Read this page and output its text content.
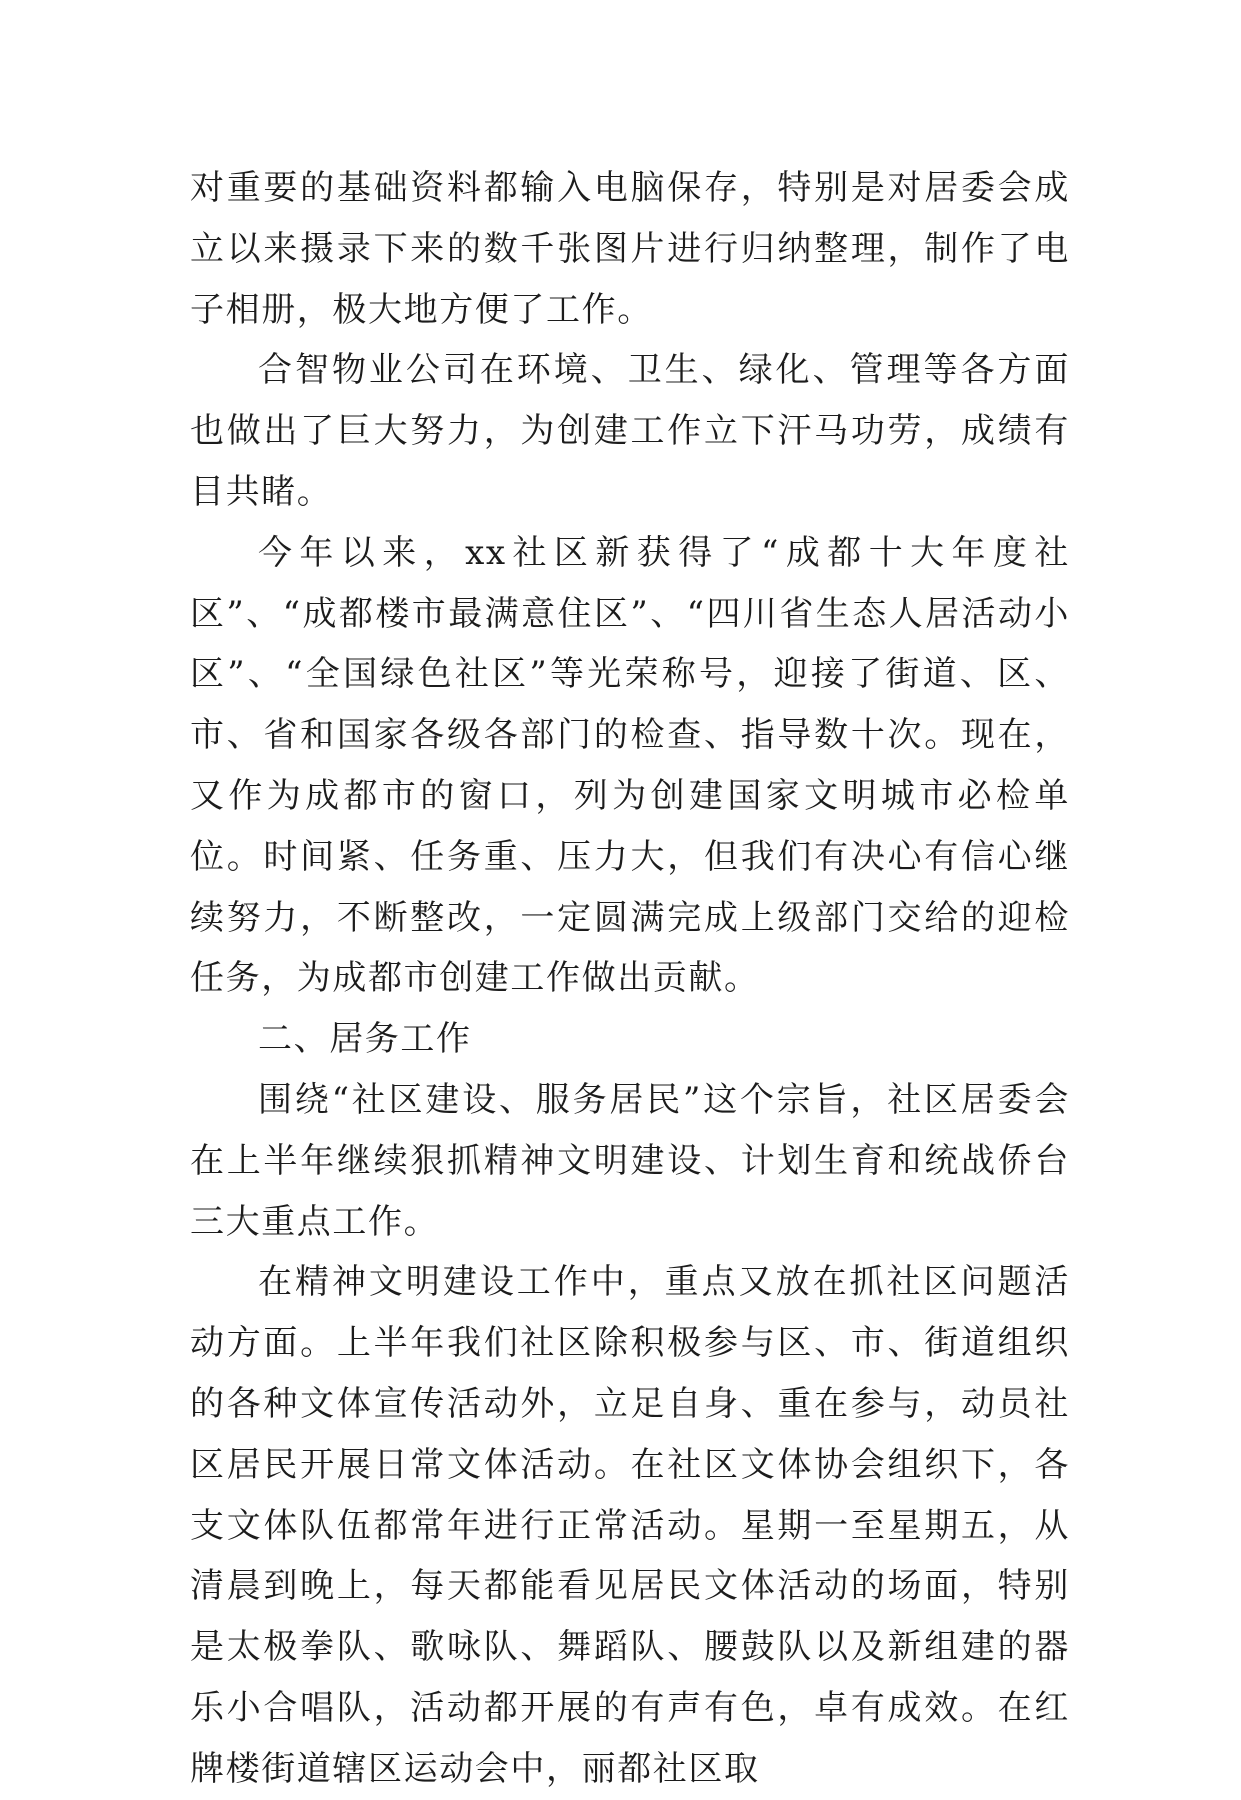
对重要的基础资料都输入电脑保存，特别是对居委会成立以来摄录下来的数千张图片进行归纳整理，制作了电子相册，极大地方便了工作。

合智物业公司在环境、卫生、绿化、管理等各方面也做出了巨大努力，为创建工作立下汗马功劳，成绩有目共睹。

今年以来，xx社区新获得了“成都十大年度社区”、“成都楼市最满意住区”、“四川省生态人居活动小区”、“全国绿色社区”等光荣称号，迎接了街道、区、市、省和国家各级各部门的检查、指导数十次。现在，又作为成都市的窗口，列为创建国家文明城市必检单位。时间紧、任务重、压力大，但我们有决心有信心继续努力，不断整改，一定圆满完成上级部门交给的迎检任务，为成都市创建工作做出贡献。

二、居务工作

围绕“社区建设、服务居民”这个宗旨，社区居委会在上半年继续狠抓精神文明建设、计划生育和统战侨台三大重点工作。

在精神文明建设工作中，重点又放在抓社区问题活动方面。上半年我们社区除积极参与区、市、街道组织的各种文体宣传活动外，立足自身、重在参与，动员社区居民开展日常文体活动。在社区文体协会组织下，各支文体队伍都常年进行正常活动。星期一至星期五，从清晨到晚上，每天都能看见居民文体活动的场面，特别是太极拳队、歌咏队、舞蹈队、腰鼓队以及新组建的器乐小合唱队，活动都开展的有声有色，卓有成效。在红牌楼街道辖区运动会中，丽都社区取
